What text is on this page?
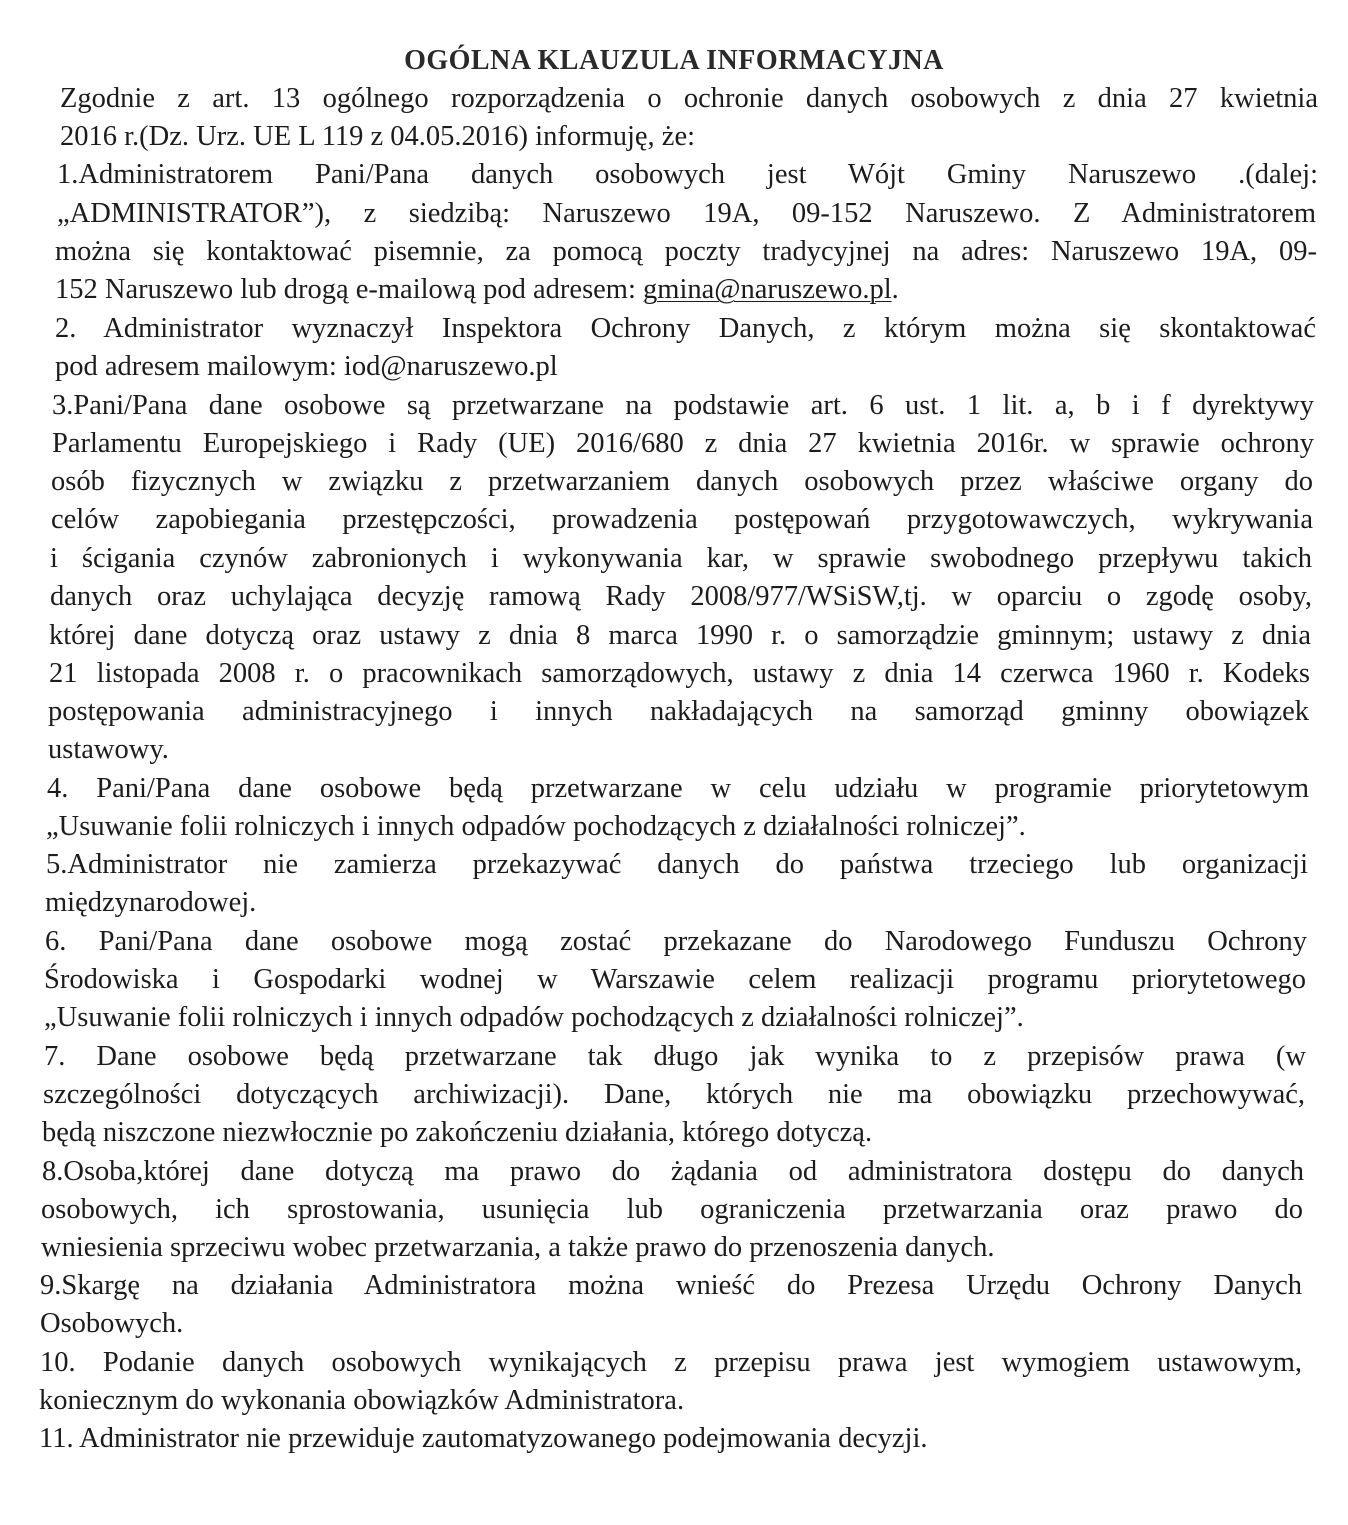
OGÓLNA KLAUZULA INFORMACYJNA
Zgodnie z art. 13 ogólnego rozporządzenia o ochronie danych osobowych z dnia 27 kwietnia
2016 r.(Dz. Urz. UE L 119 z 04.05.2016) informuję, że:
1.Administratorem Pani/Pana danych osobowych jest Wójt Gminy Naruszewo .(dalej:
„ADMINISTRATOR”), z siedzibą: Naruszewo 19A, 09-152 Naruszewo. Z Administratorem
można się kontaktować pisemnie, za pomocą poczty tradycyjnej na adres: Naruszewo 19A, 09-
152 Naruszewo lub drogą e-mailową pod adresem: gmina@naruszewo.pl.
2. Administrator wyznaczył Inspektora Ochrony Danych, z którym można się skontaktować
pod adresem mailowym: iod@naruszewo.pl
3.Pani/Pana dane osobowe są przetwarzane na podstawie art. 6 ust. 1 lit. a, b i f dyrektywy
Parlamentu Europejskiego i Rady (UE) 2016/680 z dnia 27 kwietnia 2016r. w sprawie ochrony
osób fizycznych w związku z przetwarzaniem danych osobowych przez właściwe organy do
celów zapobiegania przestępczości, prowadzenia postępowań przygotowawczych, wykrywania
i ścigania czynów zabronionych i wykonywania kar, w sprawie swobodnego przepływu takich
danych oraz uchylająca decyzję ramową Rady 2008/977/WSiSW,tj. w oparciu o zgodę osoby,
której dane dotyczą oraz ustawy z dnia 8 marca 1990 r. o samorządzie gminnym; ustawy z dnia
21 listopada 2008 r. o pracownikach samorządowych, ustawy z dnia 14 czerwca 1960 r. Kodeks
postępowania administracyjnego i innych nakładających na samorząd gminny obowiązek
ustawowy.
4. Pani/Pana dane osobowe będą przetwarzane w celu udziału w programie priorytetowym
„Usuwanie folii rolniczych i innych odpadów pochodzących z działalności rolniczej”.
5.Administrator nie zamierza przekazywać danych do państwa trzeciego lub organizacji
międzynarodowej.
6. Pani/Pana dane osobowe mogą zostać przekazane do Narodowego Funduszu Ochrony
Środowiska i Gospodarki wodnej w Warszawie celem realizacji programu priorytetowego
„Usuwanie folii rolniczych i innych odpadów pochodzących z działalności rolniczej”.
7. Dane osobowe będą przetwarzane tak długo jak wynika to z przepisów prawa (w
szczególności dotyczących archiwizacji). Dane, których nie ma obowiązku przechowywać,
będą niszczone niezwłocznie po zakończeniu działania, którego dotyczą.
8.Osoba,której dane dotyczą ma prawo do żądania od administratora dostępu do danych
osobowych, ich sprostowania, usunięcia lub ograniczenia przetwarzania oraz prawo do
wniesienia sprzeciwu wobec przetwarzania, a także prawo do przenoszenia danych.
9.Skargę na działania Administratora można wnieść do Prezesa Urzędu Ochrony Danych
Osobowych.
10. Podanie danych osobowych wynikających z przepisu prawa jest wymogiem ustawowym,
koniecznym do wykonania obowiązków Administratora.
11. Administrator nie przewiduje zautomatyzowanego podejmowania decyzji.
